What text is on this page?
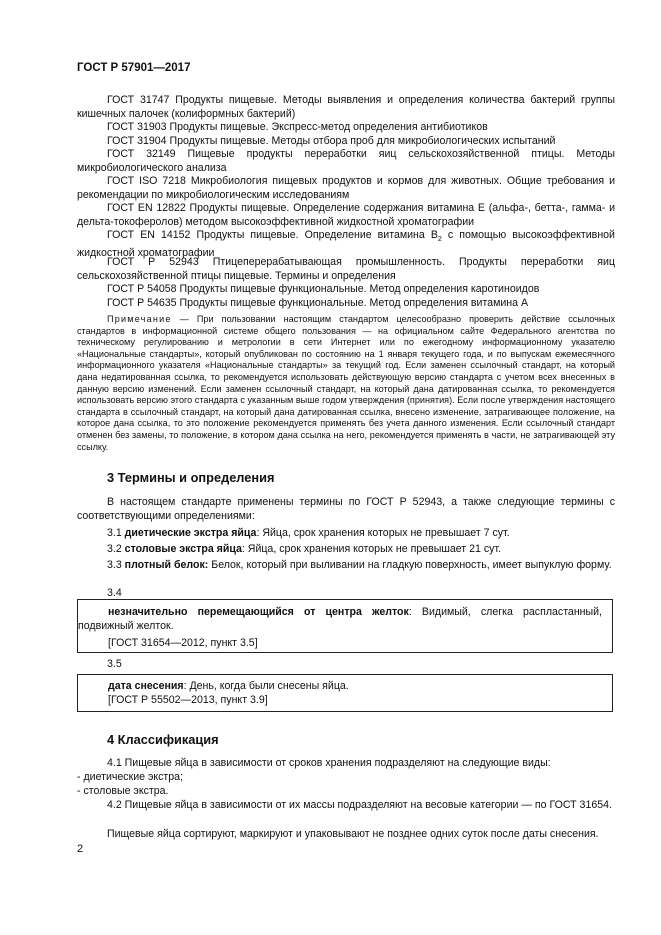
ГОСТ Р 57901—2017
ГОСТ 31747 Продукты пищевые. Методы выявления и определения количества бактерий группы кишечных палочек (колиформных бактерий)
ГОСТ 31903 Продукты пищевые. Экспресс-метод определения антибиотиков
ГОСТ 31904 Продукты пищевые. Методы отбора проб для микробиологических испытаний
ГОСТ 32149 Пищевые продукты переработки яиц сельскохозяйственной птицы. Методы микробиологического анализа
ГОСТ ISO 7218 Микробиология пищевых продуктов и кормов для животных. Общие требования и рекомендации по микробиологическим исследованиям
ГОСТ EN 12822 Продукты пищевые. Определение содержания витамина E (альфа-, бетта-, гамма- и дельта-токоферолов) методом высокоэффективной жидкостной хроматографии
ГОСТ EN 14152 Продукты пищевые. Определение витамина $B_2$ с помощью высокоэффективной жидкостной хроматографии
ГОСТ Р 52943 Птицеперерабатывающая промышленность. Продукты переработки яиц сельскохозяйственной птицы пищевые. Термины и определения
ГОСТ Р 54058 Продукты пищевые функциональные. Метод определения каротиноидов
ГОСТ Р 54635 Продукты пищевые функциональные. Метод определения витамина А
Примечание — При пользовании настоящим стандартом целесообразно проверить действие ссылочных стандартов в информационной системе общего пользования — на официальном сайте Федерального агентства по техническому регулированию и метрологии в сети Интернет или по ежегодному информационному указателю «Национальные стандарты», который опубликован по состоянию на 1 января текущего года, и по выпускам ежемесячного информационного указателя «Национальные стандарты» за текущий год. Если заменен ссылочный стандарт, на который дана недатированная ссылка, то рекомендуется использовать действующую версию стандарта с учетом всех внесенных в данную версию изменений. Если заменен ссылочный стандарт, на который дана датированная ссылка, то рекомендуется использовать версию этого стандарта с указанным выше годом утверждения (принятия). Если после утверждения настоящего стандарта в ссылочный стандарт, на который дана датированная ссылка, внесено изменение, затрагивающее положение, на которое дана ссылка, то это положение рекомендуется применять без учета данного изменения. Если ссылочный стандарт отменен без замены, то положение, в котором дана ссылка на него, рекомендуется применять в части, не затрагивающей эту ссылку.
3 Термины и определения
В настоящем стандарте применены термины по ГОСТ Р 52943, а также следующие термины с соответствующими определениями:
3.1 диетические экстра яйца: Яйца, срок хранения которых не превышает 7 сут.
3.2 столовые экстра яйца: Яйца, срок хранения которых не превышает 21 сут.
3.3 плотный белок: Белок, который при выливании на гладкую поверхность, имеет выпуклую форму.
3.4
незначительно перемещающийся от центра желток: Видимый, слегка распластанный, подвижный желток.
[ГОСТ 31654—2012, пункт 3.5]
3.5
дата снесения: День, когда были снесены яйца.
[ГОСТ Р 55502—2013, пункт 3.9]
4 Классификация
4.1 Пищевые яйца в зависимости от сроков хранения подразделяют на следующие виды:
- диетические экстра;
- столовые экстра.
4.2 Пищевые яйца в зависимости от их массы подразделяют на весовые категории — по ГОСТ 31654.
Пищевые яйца сортируют, маркируют и упаковывают не позднее одних суток после даты снесения.
2
